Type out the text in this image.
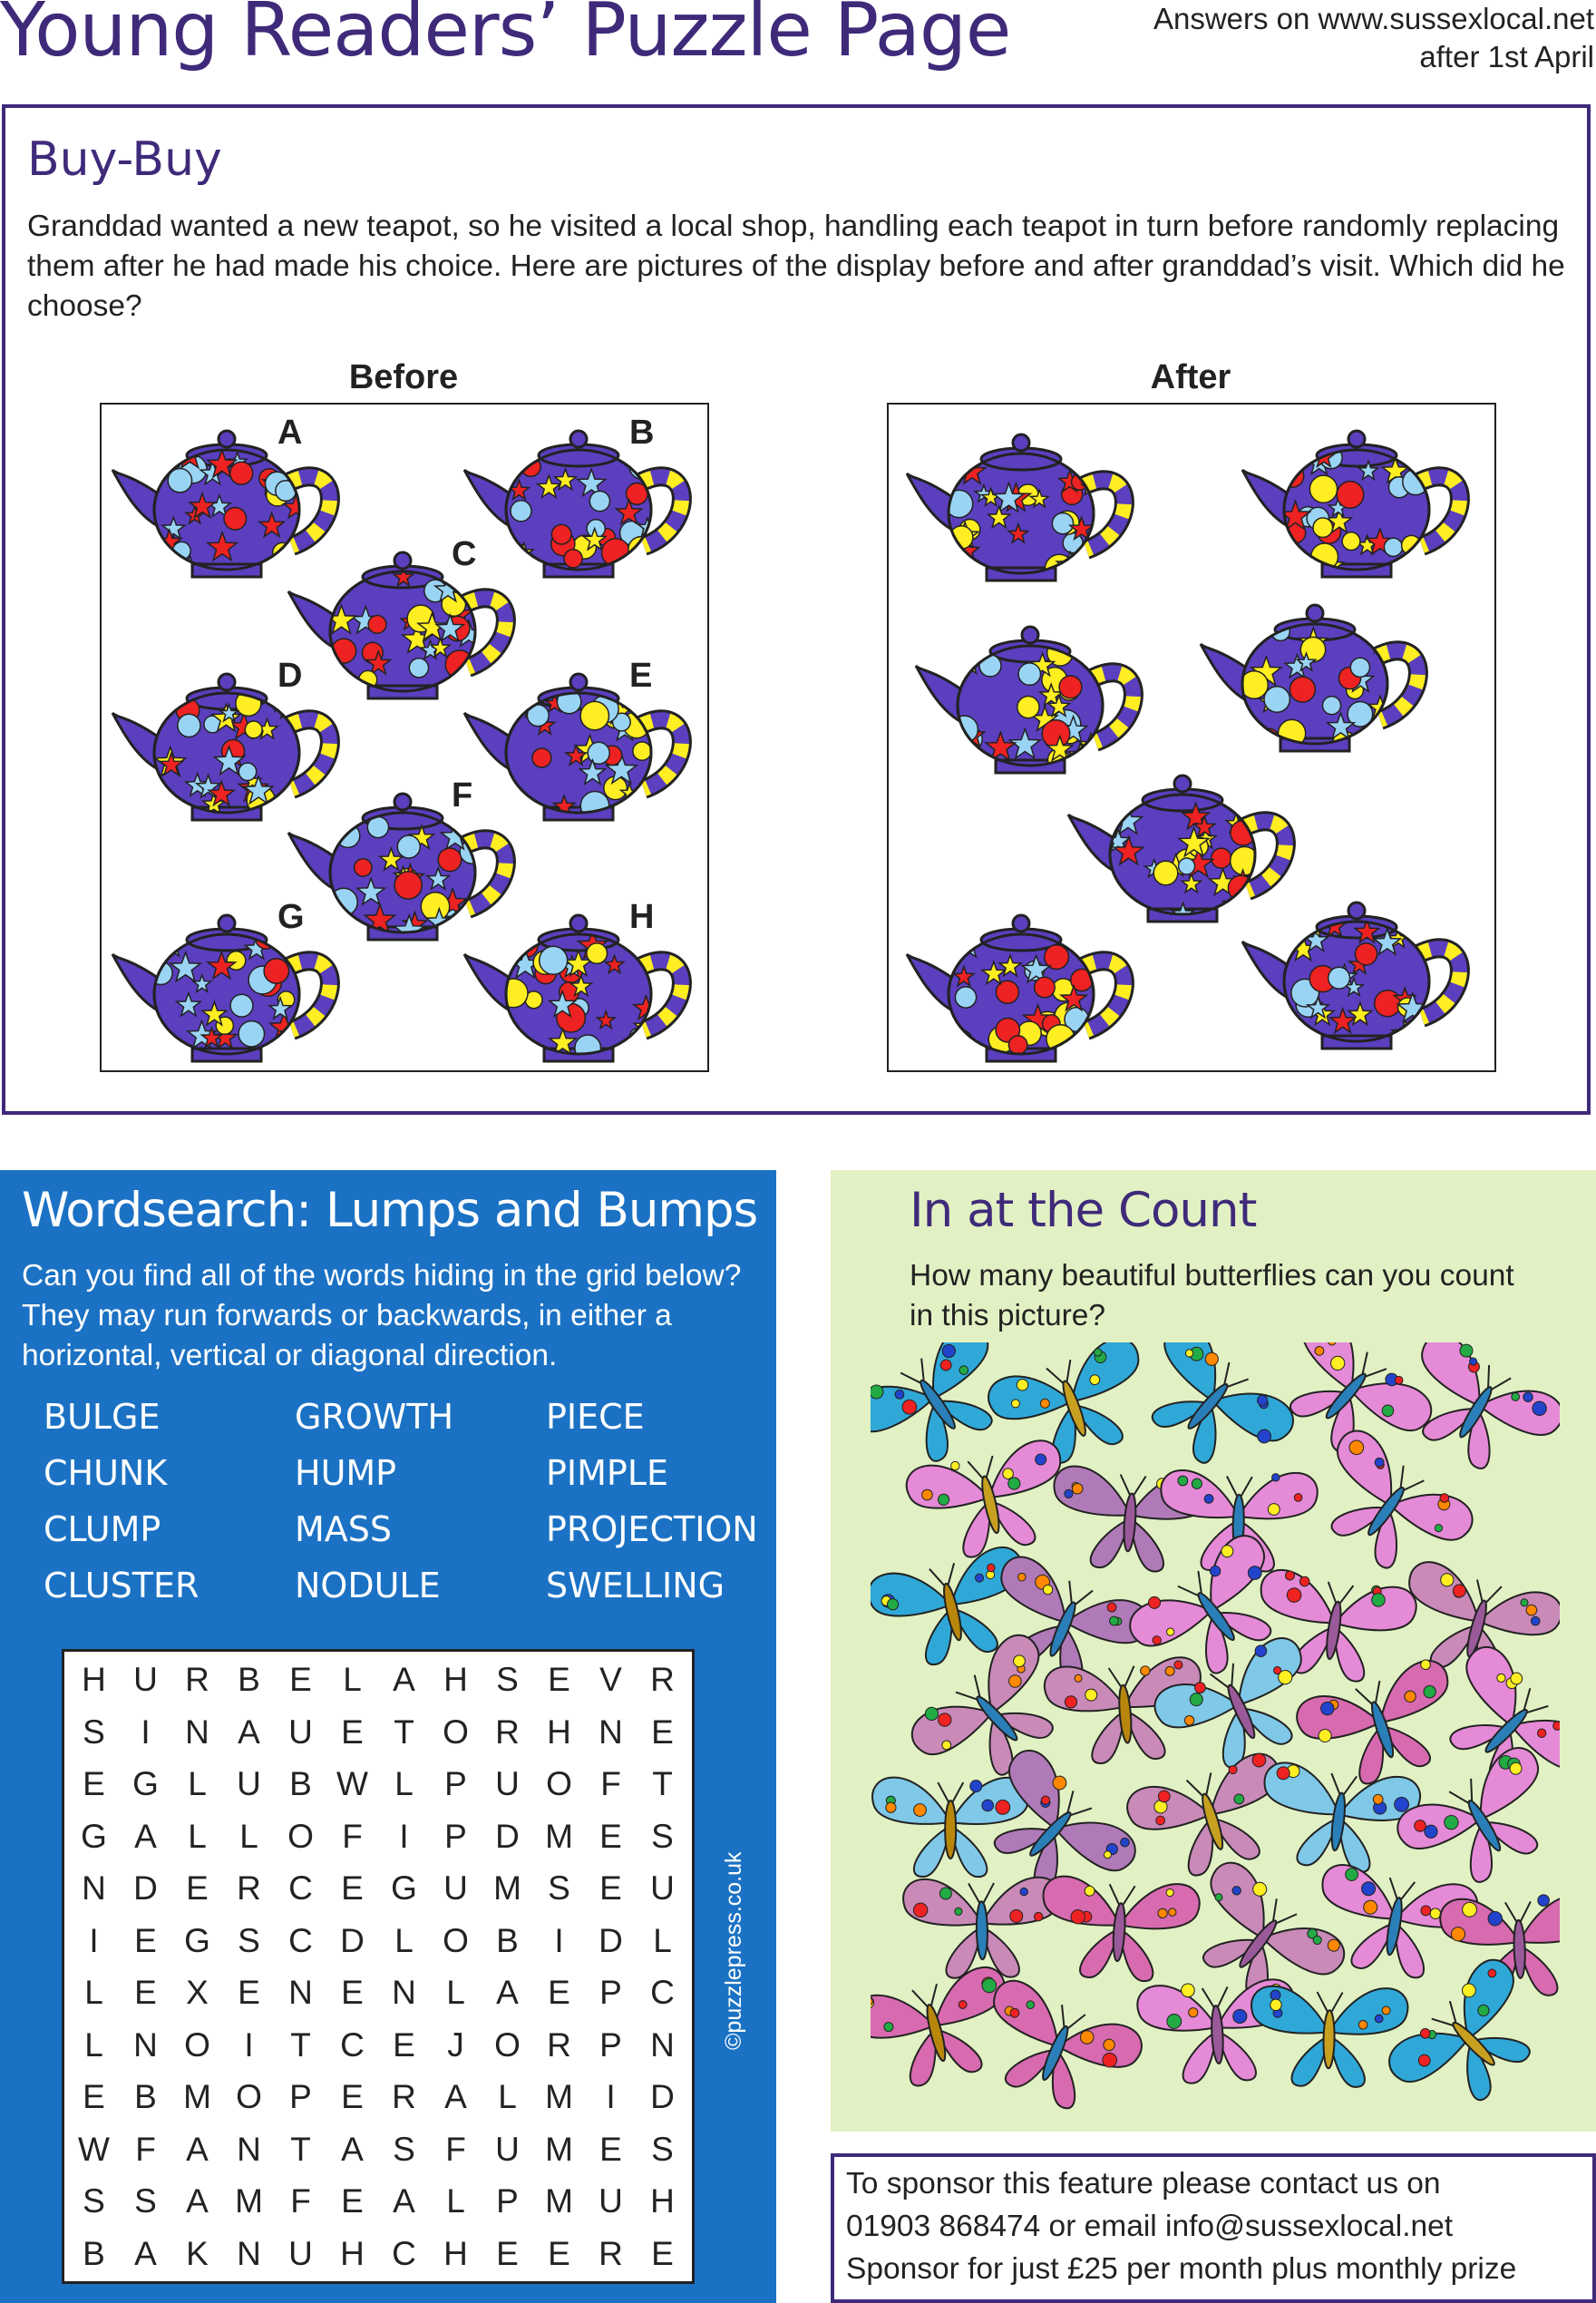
Young Readers’ Puzzle Page	Answers on www.sussexlocal.net
after 1st April
Buy-Buy
Granddad wanted a new teapot, so he visited a local shop, handling each teapot in turn before randomly replacing them after he had made his choice. Here are pictures of the display before and after granddad’s visit. Which did he choose?
Before	After
Wordsearch: Lumps and Bumps
Can you find all of the words hiding in the grid below? They may run forwards or backwards, in either a horizontal, vertical or diagonal direction.
BULGE
CHUNK
CLUMP
CLUSTER
GROWTH
HUMP
MASS
NODULE
PIECE
PIMPLE
PROJECTION
SWELLING
H U R B E L A H S E V R
S	I	N A U E T O R H N E
E G L U B W L P U O F T
G A L L O F	I	P D M E S
N D E R C E G U M S E U
I	E G S C D L O B	I	D L
L E X E N E N L A E P C
L N O	I	T C E J O R P N
E B M O P E R A L M I	D
W F A N T A S F U M E S
S S A M F E A L P M U H
B A K N U H C H E E R E
©puzzlepress.co.uk
In at the Count
How many beautiful butterflies can you count in this picture?
To sponsor this feature please contact us on
01903 868474 or email info@sussexlocal.net
Sponsor for just £25 per month plus monthly prize
A	B
C
D	E
F
G	H
